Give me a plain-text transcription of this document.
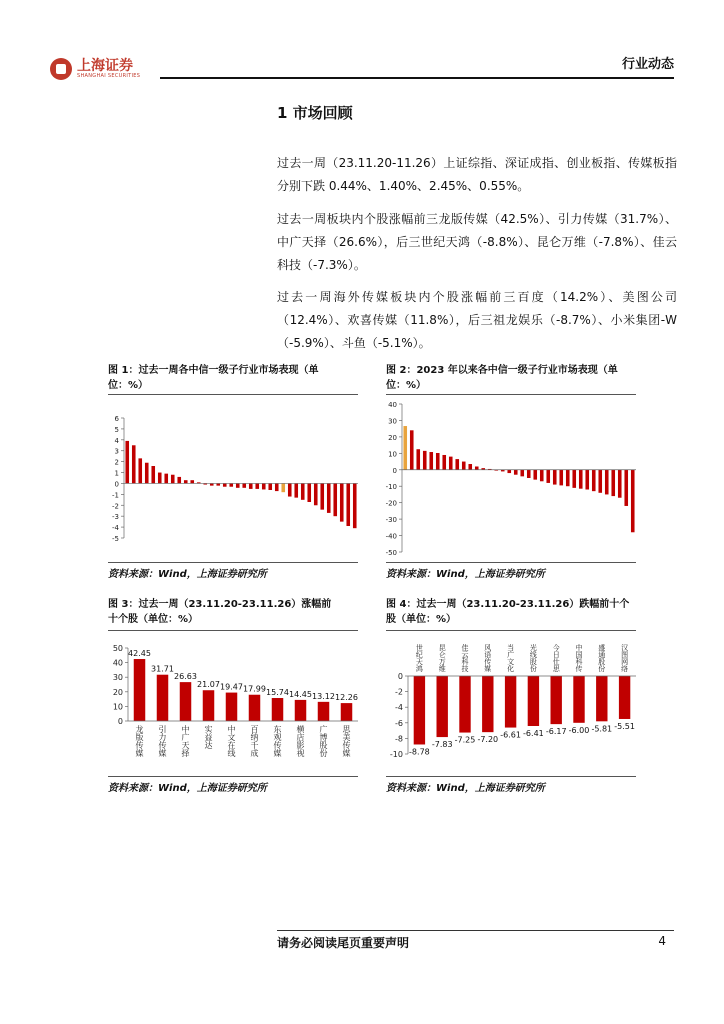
上海证券
SHANGHAI SECURITIES
行业动态
1 市场回顾
过去一周（23.11.20-11.26）上证综指、深证成指、创业板指、传媒板指分别下跌 0.44%、1.40%、2.45%、0.55%。
过去一周板块内个股涨幅前三龙版传媒（42.5%）、引力传媒（31.7%）、中广天择（26.6%），后三世纪天鸿（-8.8%）、昆仑万维（-7.8%）、佳云科技（-7.3%）。
过去一周海外传媒板块内个股涨幅前三百度（14.2%）、美图公司（12.4%）、欢喜传媒（11.8%），后三祖龙娱乐（-8.7%）、小米集团-W（-5.9%）、斗鱼（-5.1%）。
图 1：过去一周各中信一级子行业市场表现（单位：%）
6
5
4
3
2
1
0
-1
-2
-3
-4
-5
资料来源：Wind，上海证券研究所
图 2：2023 年以来各中信一级子行业市场表现（单位：%）
40
30
20
10
0
-10
-20
-30
-40
-50
资料来源：Wind，上海证券研究所
图 3：过去一周（23.11.20-23.11.26）涨幅前十个股（单位：%）
50
40
30
20
10
0
42.45
龙版传媒
31.71
引力传媒
26.63
中广天择
21.07
实益达
19.47
中文在线
17.99
百纳千成
15.74
东观传媒
14.45
横店影视
13.12
广博股份
12.26
思美传媒
资料来源：Wind，上海证券研究所
图 4：过去一周（23.11.20-23.11.26）跌幅前十个股（单位：%）
0
-2
-4
-6
-8
-10 -8.78
世纪天鸿
-7.83
昆仑万维
-7.25
佳云科技
-7.20
风语传媒
-6.61
当广文化
-6.41
光线股份
-6.17
今日仕思
-6.00
中国科传
-5.81
盛通股份
-5.51
汉图网络
资料来源：Wind，上海证券研究所
请务必阅读尾页重要声明	4
